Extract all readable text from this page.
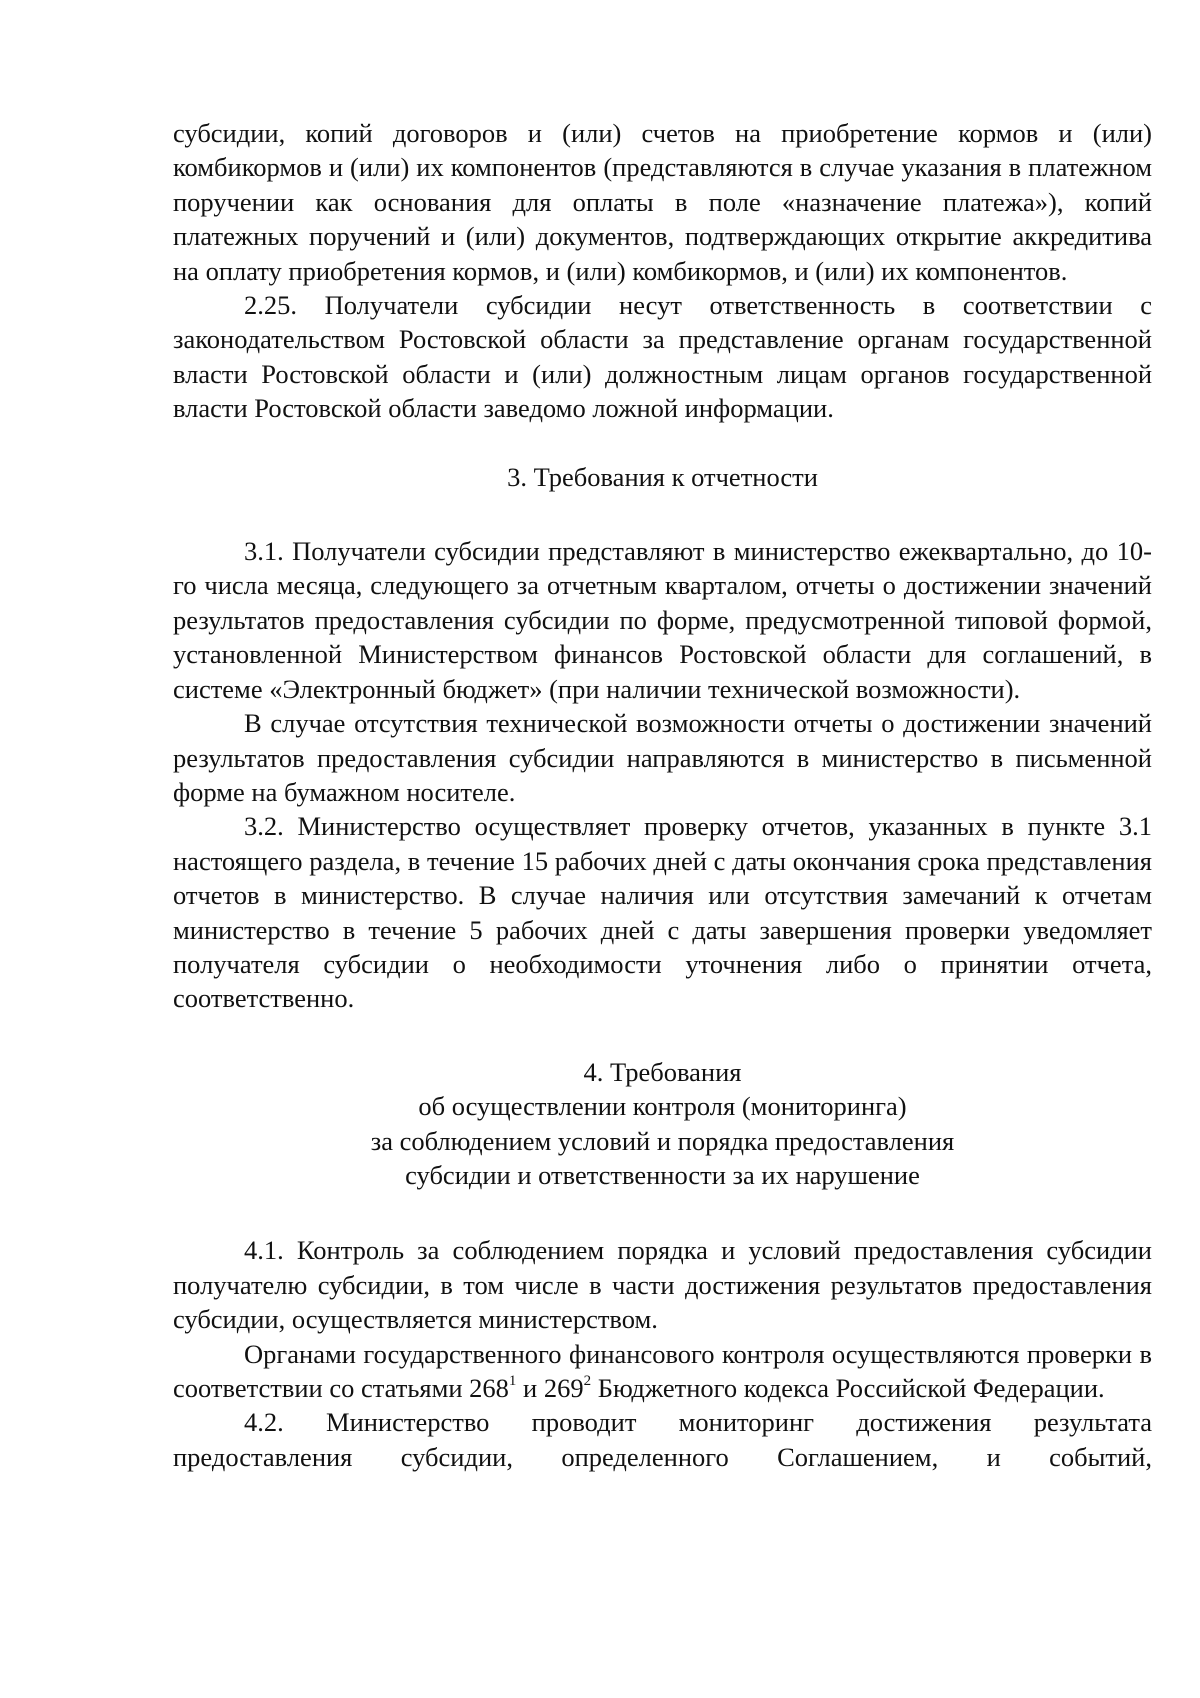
субсидии, копий договоров и (или) счетов на приобретение кормов и (или) комбикормов и (или) их компонентов (представляются в случае указания в платежном поручении как основания для оплаты в поле «назначение платежа»), копий платежных поручений и (или) документов, подтверждающих открытие аккредитива на оплату приобретения кормов, и (или) комбикормов, и (или) их компонентов.

2.25. Получатели субсидии несут ответственность в соответствии с законодательством Ростовской области за представление органам государственной власти Ростовской области и (или) должностным лицам органов государственной власти Ростовской области заведомо ложной информации.

3. Требования к отчетности

3.1. Получатели субсидии представляют в министерство ежеквартально, до 10-го числа месяца, следующего за отчетным кварталом, отчеты о достижении значений результатов предоставления субсидии по форме, предусмотренной типовой формой, установленной Министерством финансов Ростовской области для соглашений, в системе «Электронный бюджет» (при наличии технической возможности).

В случае отсутствия технической возможности отчеты о достижении значений результатов предоставления субсидии направляются в министерство в письменной форме на бумажном носителе.

3.2. Министерство осуществляет проверку отчетов, указанных в пункте 3.1 настоящего раздела, в течение 15 рабочих дней с даты окончания срока представления отчетов в министерство. В случае наличия или отсутствия замечаний к отчетам министерство в течение 5 рабочих дней с даты завершения проверки уведомляет получателя субсидии о необходимости уточнения либо о принятии отчета, соответственно.

4. Требования
об осуществлении контроля (мониторинга)
за соблюдением условий и порядка предоставления
субсидии и ответственности за их нарушение

4.1. Контроль за соблюдением порядка и условий предоставления субсидии получателю субсидии, в том числе в части достижения результатов предоставления субсидии, осуществляется министерством.

Органами государственного финансового контроля осуществляются проверки в соответствии со статьями $268^1$ и $269^2$ Бюджетного кодекса Российской Федерации.

4.2. Министерство проводит мониторинг достижения результата предоставления субсидии, определенного Соглашением, и событий,
